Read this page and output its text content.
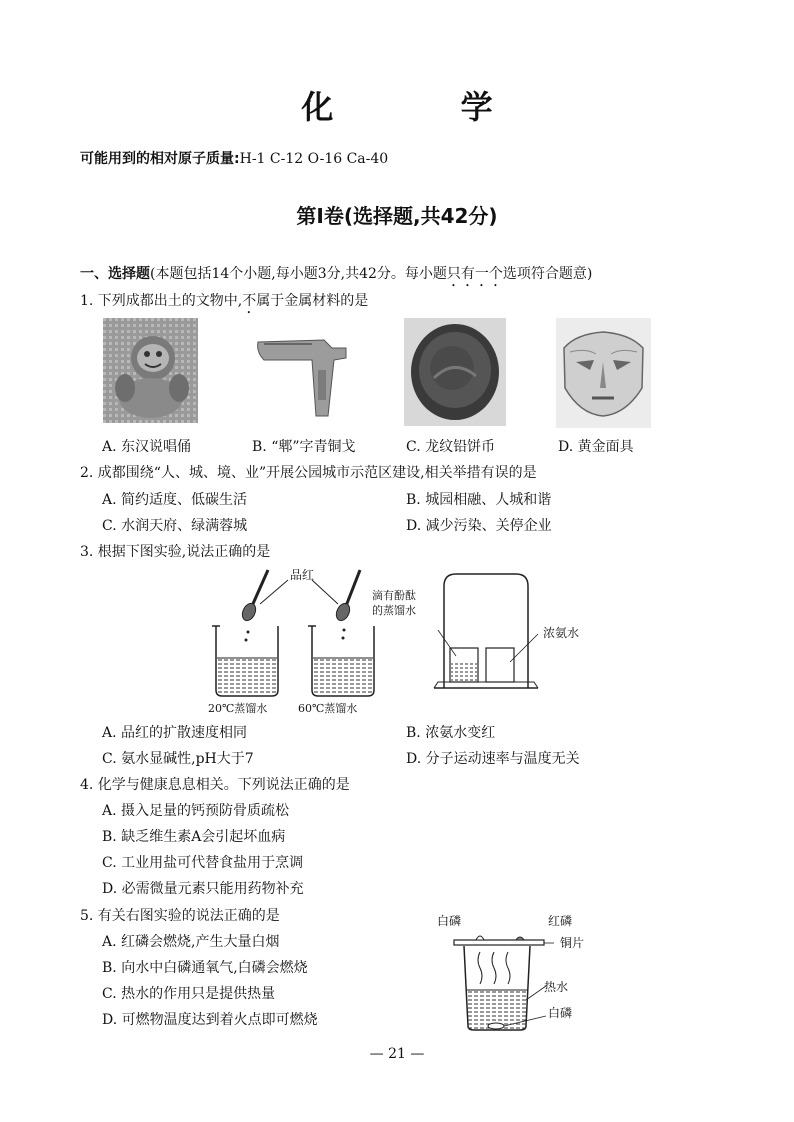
化 学
可能用到的相对原子质量:H-1 C-12 O-16 Ca-40
第Ⅰ卷(选择题,共42分)
一、选择题(本题包括14个小题,每小题3分,共42分。每小题只有一个选项符合题意)
1. 下列成都出土的文物中,不属于金属材料的是
A. 东汉说唱俑	B. “郫”字青铜戈	C. 龙纹铅饼币	D. 黄金面具
2. 成都围绕“人、城、境、业”开展公园城市示范区建设,相关举措有误的是
A. 简约适度、低碳生活	B. 城园相融、人城和谐
C. 水润天府、绿满蓉城	D. 减少污染、关停企业
3. 根据下图实验,说法正确的是
品红
20℃蒸馏水	60℃蒸馏水
滴有酚酞
的蒸馏水
浓氨水
A. 品红的扩散速度相同	B. 浓氨水变红
C. 氨水显碱性,pH大于7	D. 分子运动速率与温度无关
4. 化学与健康息息相关。下列说法正确的是
A. 摄入足量的钙预防骨质疏松
B. 缺乏维生素A会引起坏血病
C. 工业用盐可代替食盐用于烹调
D. 必需微量元素只能用药物补充
5. 有关右图实验的说法正确的是
A. 红磷会燃烧,产生大量白烟
B. 向水中白磷通氧气,白磷会燃烧
C. 热水的作用只是提供热量
D. 可燃物温度达到着火点即可燃烧
白磷	红磷
铜片
热水
白磷
— 21 —
